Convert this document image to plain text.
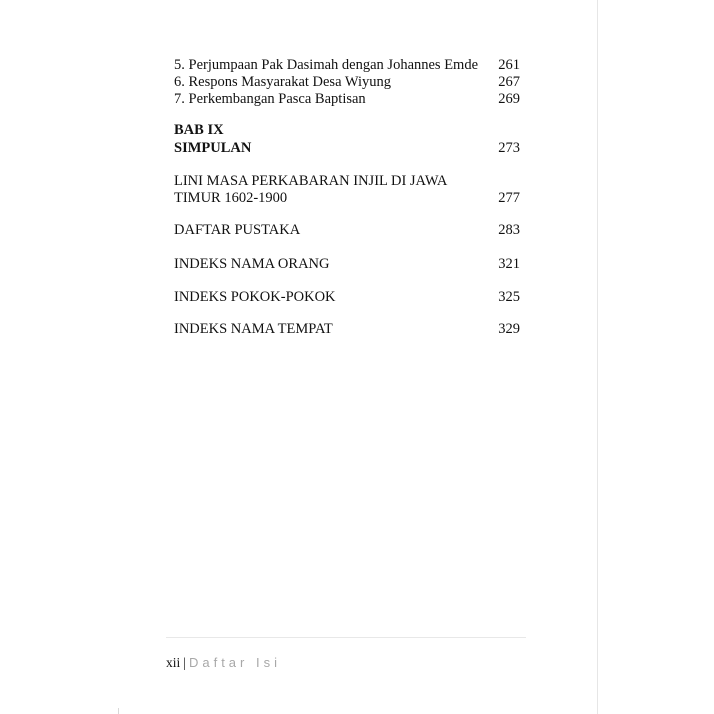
5. Perjumpaan Pak Dasimah dengan Johannes Emde 261
6. Respons Masyarakat Desa Wiyung	267
7. Perkembangan Pasca Baptisan	269
BAB IX
SIMPULAN	273
LINI MASA PERKABARAN INJIL DI JAWA
TIMUR 1602-1900	277
DAFTAR PUSTAKA	283
INDEKS NAMA ORANG	321
INDEKS POKOK-POKOK	325
INDEKS NAMA TEMPAT	329
xii | Daftar Isi
